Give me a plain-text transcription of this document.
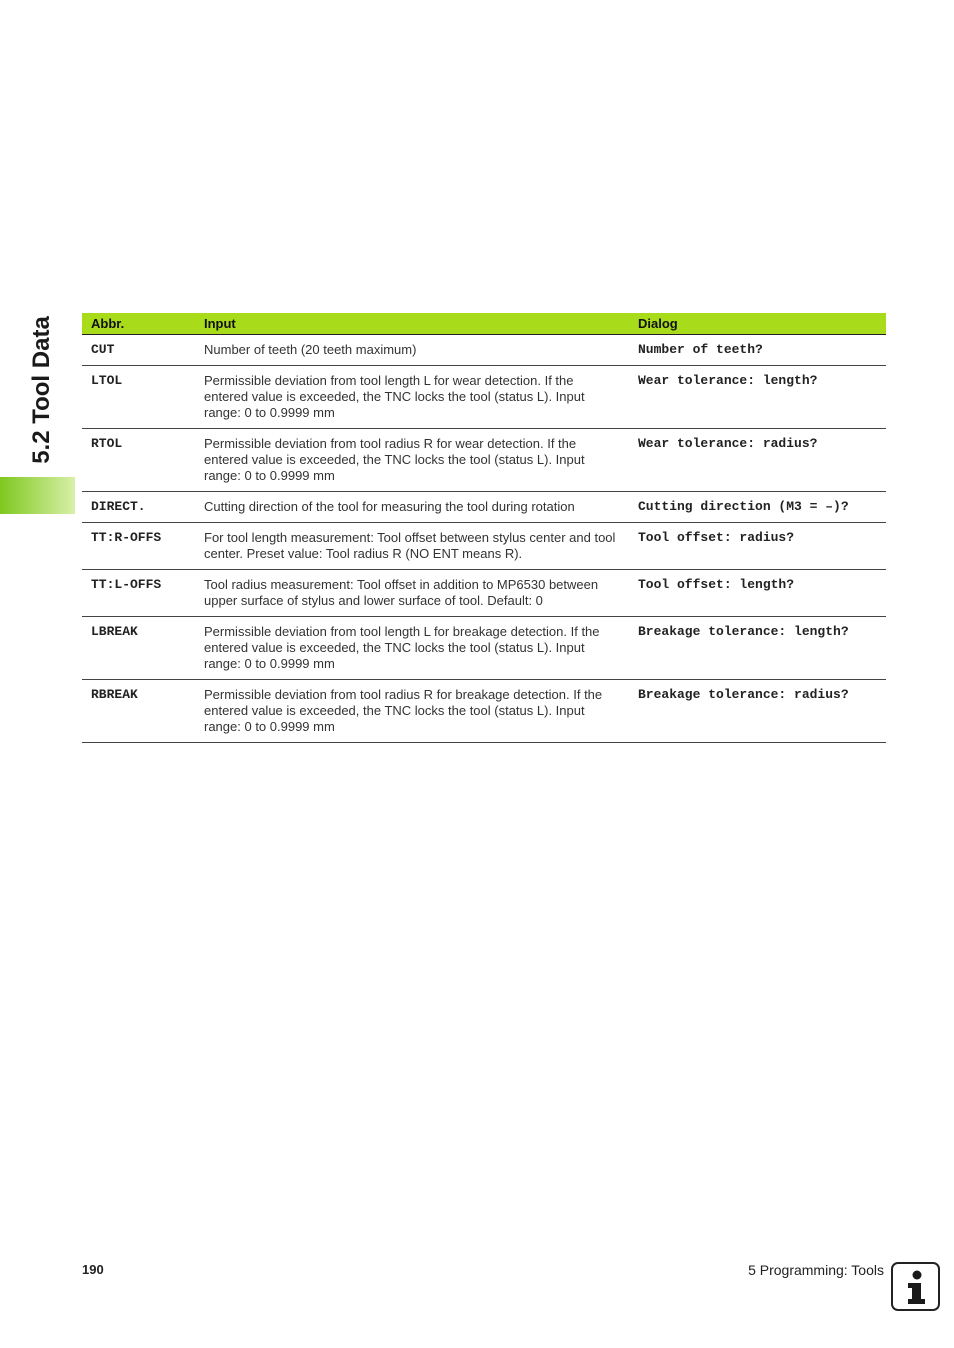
5.2 Tool Data	Abbr.	Input	Dialog
CUT	Number of teeth (20 teeth maximum)	Number of teeth?
LTOL	Permissible deviation from tool length L for wear detection. If the entered value is exceeded, the TNC locks the tool (status L). Input range: 0 to 0.9999 mm	Wear tolerance: length?
RTOL	Permissible deviation from tool radius R for wear detection. If the entered value is exceeded, the TNC locks the tool (status L). Input range: 0 to 0.9999 mm	Wear tolerance: radius?
DIRECT.	Cutting direction of the tool for measuring the tool during rotation	Cutting direction (M3 = –)?
TT:R-OFFS	For tool length measurement: Tool offset between stylus center and tool center. Preset value: Tool radius R (NO ENT means R).	Tool offset: radius?
TT:L-OFFS	Tool radius measurement: Tool offset in addition to MP6530 between upper surface of stylus and lower surface of tool. Default: 0	Tool offset: length?
LBREAK	Permissible deviation from tool length L for breakage detection. If the entered value is exceeded, the TNC locks the tool (status L). Input range: 0 to 0.9999 mm	Breakage tolerance: length?
RBREAK	Permissible deviation from tool radius R for breakage detection. If the entered value is exceeded, the TNC locks the tool (status L). Input range: 0 to 0.9999 mm	Breakage tolerance: radius?
190	5 Programming: Tools
